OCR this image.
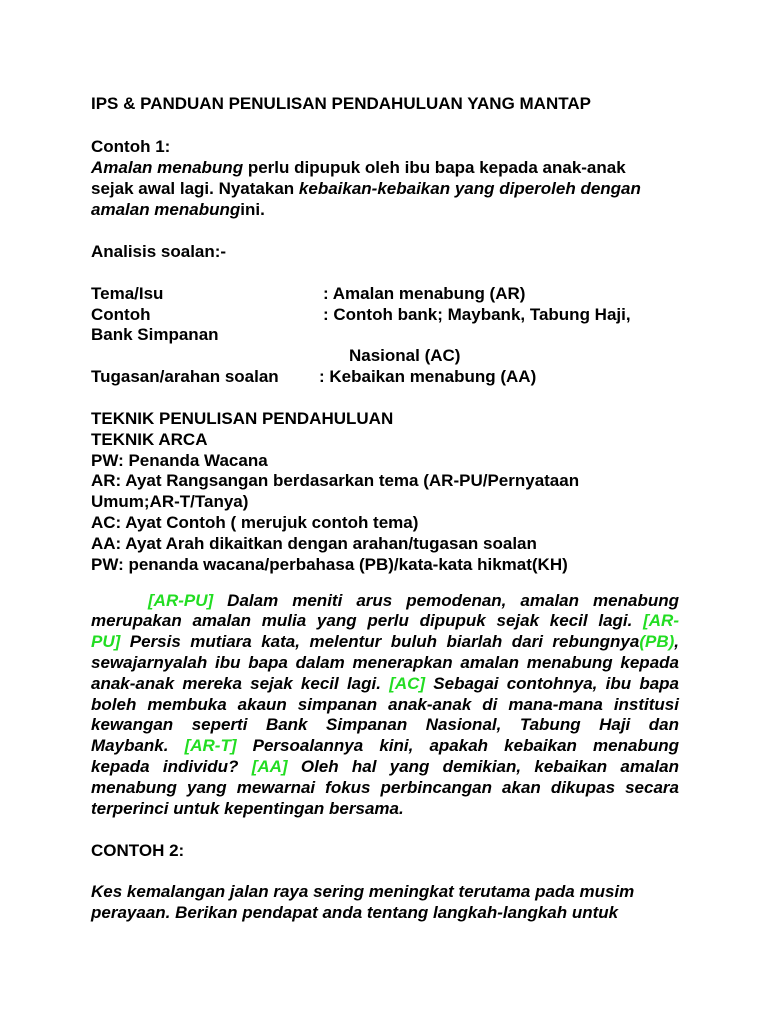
IPS & PANDUAN PENULISAN PENDAHULUAN YANG MANTAP
Contoh 1:
Amalan menabung perlu dipupuk oleh ibu bapa kepada anak-anak
sejak awal lagi. Nyatakan kebaikan-kebaikan yang diperoleh dengan
amalan menabungini.
Analisis soalan:-
Tema/Isu	: Amalan menabung (AR)
Contoh	: Contoh bank; Maybank, Tabung Haji,
Bank Simpanan
Nasional (AC)
Tugasan/arahan soalan : Kebaikan menabung (AA)
TEKNIK PENULISAN PENDAHULUAN
TEKNIK ARCA
PW: Penanda Wacana
AR: Ayat Rangsangan berdasarkan tema (AR-PU/Pernyataan
Umum;AR-T/Tanya)
AC: Ayat Contoh ( merujuk contoh tema)
AA: Ayat Arah dikaitkan dengan arahan/tugasan soalan
PW: penanda wacana/perbahasa (PB)/kata-kata hikmat(KH)
[AR-PU] Dalam meniti arus pemodenan, amalan menabung
merupakan amalan mulia yang perlu dipupuk sejak kecil lagi. [AR-
PU] Persis mutiara kata, melentur buluh biarlah dari rebungnya(PB),
sewajarnyalah ibu bapa dalam menerapkan amalan menabung kepada
anak-anak mereka sejak kecil lagi. [AC] Sebagai contohnya, ibu bapa
boleh membuka akaun simpanan anak-anak di mana-mana institusi
kewangan seperti Bank Simpanan Nasional, Tabung Haji dan
Maybank. [AR-T] Persoalannya kini, apakah kebaikan menabung
kepada individu? [AA] Oleh hal yang demikian, kebaikan amalan
menabung yang mewarnai fokus perbincangan akan dikupas secara
terperinci untuk kepentingan bersama.
CONTOH 2:
Kes kemalangan jalan raya sering meningkat terutama pada musim
perayaan. Berikan pendapat anda tentang langkah-langkah untuk
